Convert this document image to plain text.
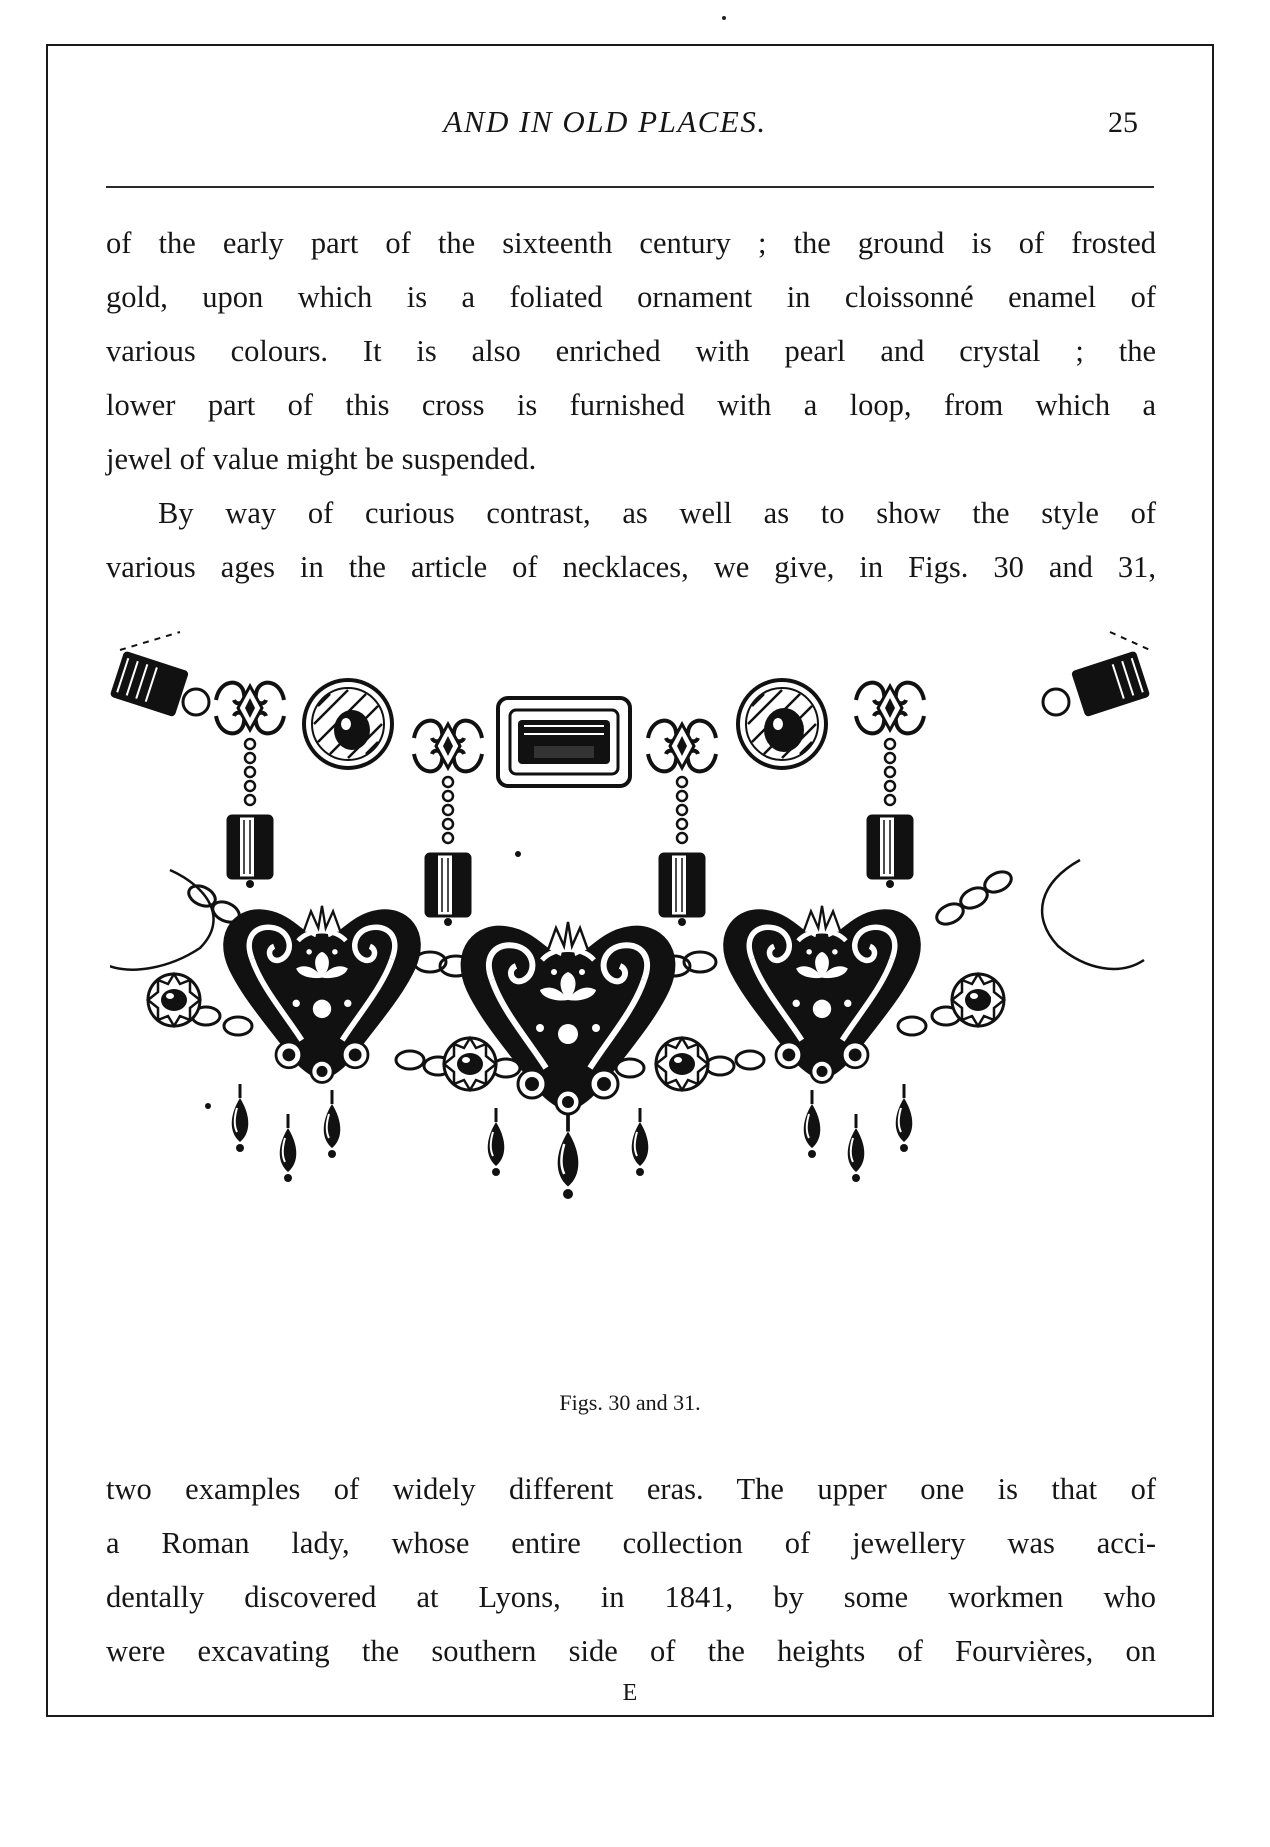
AND IN OLD PLACES.	25
of the early part of the sixteenth century ; the ground is of frosted
gold, upon which is a foliated ornament in cloissonné enamel of
various colours. It is also enriched with pearl and crystal ; the
lower part of this cross is furnished with a loop, from which a
jewel of value might be suspended.
By way of curious contrast, as well as to show the style of
various ages in the article of necklaces, we give, in Figs. 30 and 31,
Figs. 30 and 31.
two examples of widely different eras. The upper one is that of
a Roman lady, whose entire collection of jewellery was acci-
dentally discovered at Lyons, in 1841, by some workmen who
were excavating the southern side of the heights of Fourvières, on
E
